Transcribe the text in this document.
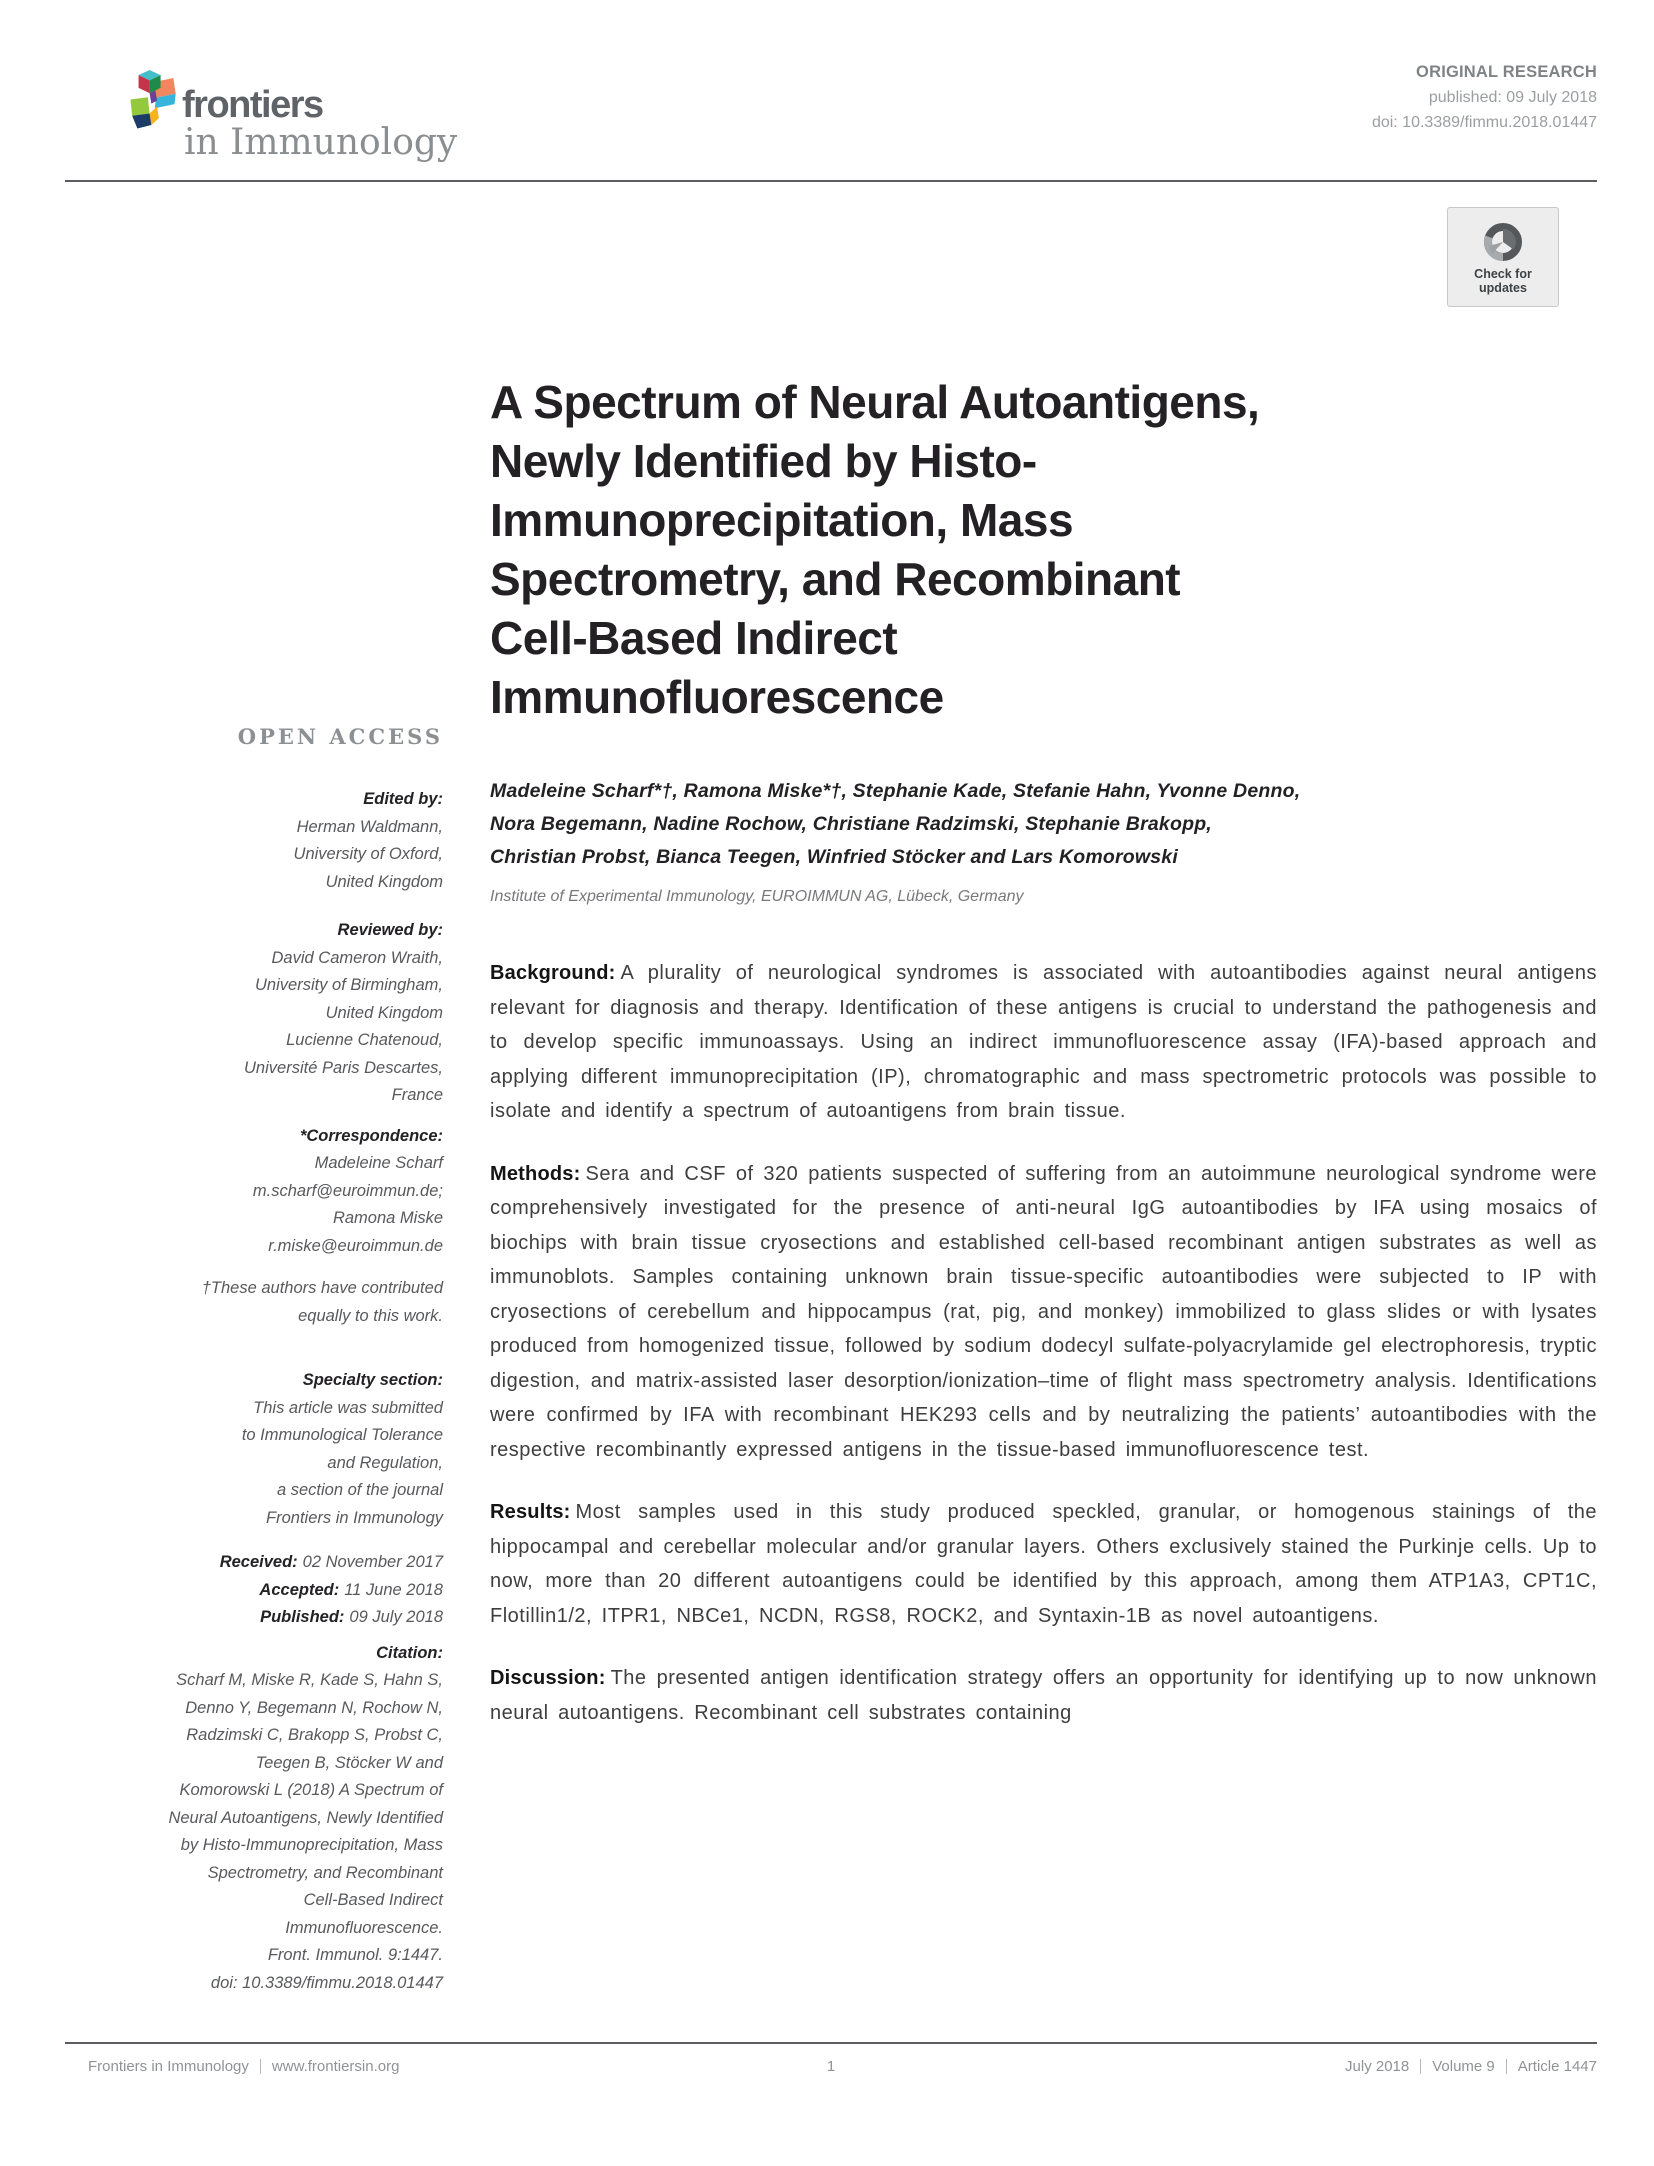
frontiers
in Immunology
ORIGINAL RESEARCH
published: 09 July 2018
doi: 10.3389/fimmu.2018.01447
Check for
updates
OPEN ACCESS
Edited by:
Herman Waldmann,
University of Oxford,
United Kingdom
Reviewed by:
David Cameron Wraith,
University of Birmingham,
United Kingdom
Lucienne Chatenoud,
Université Paris Descartes,
France
*Correspondence:
Madeleine Scharf
m.scharf@euroimmun.de;
Ramona Miske
r.miske@euroimmun.de
†These authors have contributed
equally to this work.
Specialty section:
This article was submitted
to Immunological Tolerance
and Regulation,
a section of the journal
Frontiers in Immunology
Received: 02 November 2017
Accepted: 11 June 2018
Published: 09 July 2018
Citation:
Scharf M, Miske R, Kade S, Hahn S,
Denno Y, Begemann N, Rochow N,
Radzimski C, Brakopp S, Probst C,
Teegen B, Stöcker W and
Komorowski L (2018) A Spectrum of
Neural Autoantigens, Newly Identified
by Histo-Immunoprecipitation, Mass
Spectrometry, and Recombinant
Cell-Based Indirect
Immunofluorescence.
Front. Immunol. 9:1447.
doi: 10.3389/fimmu.2018.01447
A Spectrum of Neural Autoantigens,
Newly Identified by Histo-
Immunoprecipitation, Mass
Spectrometry, and Recombinant
Cell-Based Indirect
Immunofluorescence
Madeleine Scharf*†, Ramona Miske*†, Stephanie Kade, Stefanie Hahn, Yvonne Denno,
Nora Begemann, Nadine Rochow, Christiane Radzimski, Stephanie Brakopp,
Christian Probst, Bianca Teegen, Winfried Stöcker and Lars Komorowski
Institute of Experimental Immunology, EUROIMMUN AG, Lübeck, Germany

Background: A plurality of neurological syndromes is associated with autoantibodies against neural antigens relevant for diagnosis and therapy. Identification of these antigens is crucial to understand the pathogenesis and to develop specific immunoassays. Using an indirect immunofluorescence assay (IFA)-based approach and applying different immunoprecipitation (IP), chromatographic and mass spectrometric protocols was possible to isolate and identify a spectrum of autoantigens from brain tissue.

Methods: Sera and CSF of 320 patients suspected of suffering from an autoimmune neurological syndrome were comprehensively investigated for the presence of anti-neural IgG autoantibodies by IFA using mosaics of biochips with brain tissue cryosections and established cell-based recombinant antigen substrates as well as immunoblots. Samples containing unknown brain tissue-specific autoantibodies were subjected to IP with cryosections of cerebellum and hippocampus (rat, pig, and monkey) immobilized to glass slides or with lysates produced from homogenized tissue, followed by sodium dodecyl sulfate-polyacrylamide gel electrophoresis, tryptic digestion, and matrix-assisted laser desorption/ionization–time of flight mass spectrometry analysis. Identifications were confirmed by IFA with recombinant HEK293 cells and by neutralizing the patients’ autoantibodies with the respective recombinantly expressed antigens in the tissue-based immunofluorescence test.

Results: Most samples used in this study produced speckled, granular, or homogenous stainings of the hippocampal and cerebellar molecular and/or granular layers. Others exclusively stained the Purkinje cells. Up to now, more than 20 different autoantigens could be identified by this approach, among them ATP1A3, CPT1C, Flotillin1/2, ITPR1, NBCe1, NCDN, RGS8, ROCK2, and Syntaxin-1B as novel autoantigens.

Discussion: The presented antigen identification strategy offers an opportunity for identifying up to now unknown neural autoantigens. Recombinant cell substrates containing

Frontiers in Immunology www.frontiersin.org	1	July 2018 Volume 9 Article 1447
